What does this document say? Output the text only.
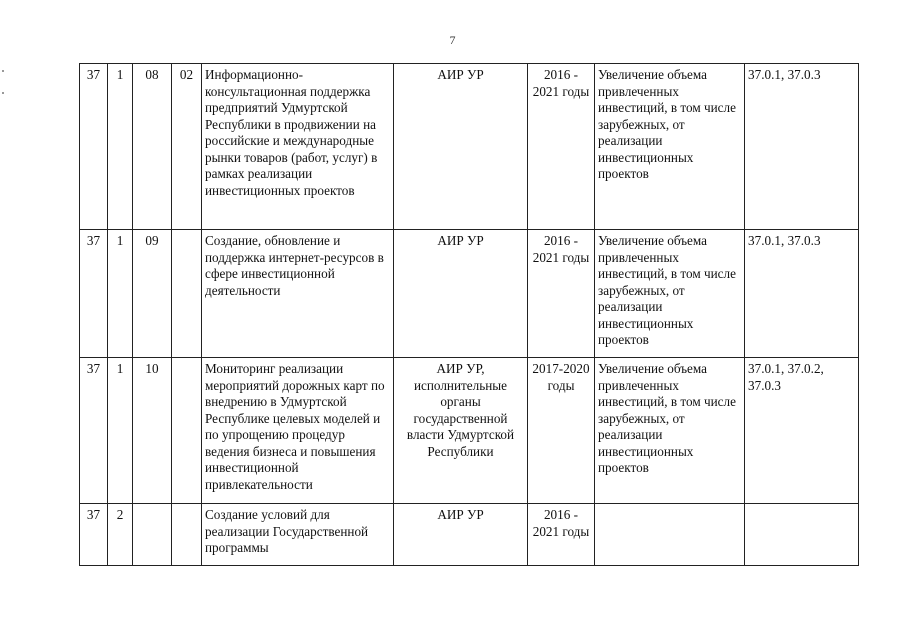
7
37	1	08	02	Информационно-консультационная поддержка предприятий Удмуртской Республики в продвижении на российские и международные рынки товаров (работ, услуг) в рамках реализации инвестиционных проектов	АИР УР	2016 - 2021 годы	Увеличение объема привлеченных инвестиций, в том числе зарубежных, от реализации инвестиционных проектов	37.0.1, 37.0.3
37	1	09		Создание, обновление и поддержка интернет-ресурсов в сфере инвестиционной деятельности	АИР УР	2016 - 2021 годы	Увеличение объема привлеченных инвестиций, в том числе зарубежных, от реализации инвестиционных проектов	37.0.1, 37.0.3
37	1	10		Мониторинг реализации мероприятий дорожных карт по внедрению в Удмуртской Республике целевых моделей и по упрощению процедур ведения бизнеса и повышения инвестиционной привлекательности	АИР УР, исполнительные органы государственной власти Удмуртской Республики	2017-2020 годы	Увеличение объема привлеченных инвестиций, в том числе зарубежных, от реализации инвестиционных проектов	37.0.1, 37.0.2, 37.0.3
37	2			Создание условий для реализации Государственной программы	АИР УР	2016 - 2021 годы		
